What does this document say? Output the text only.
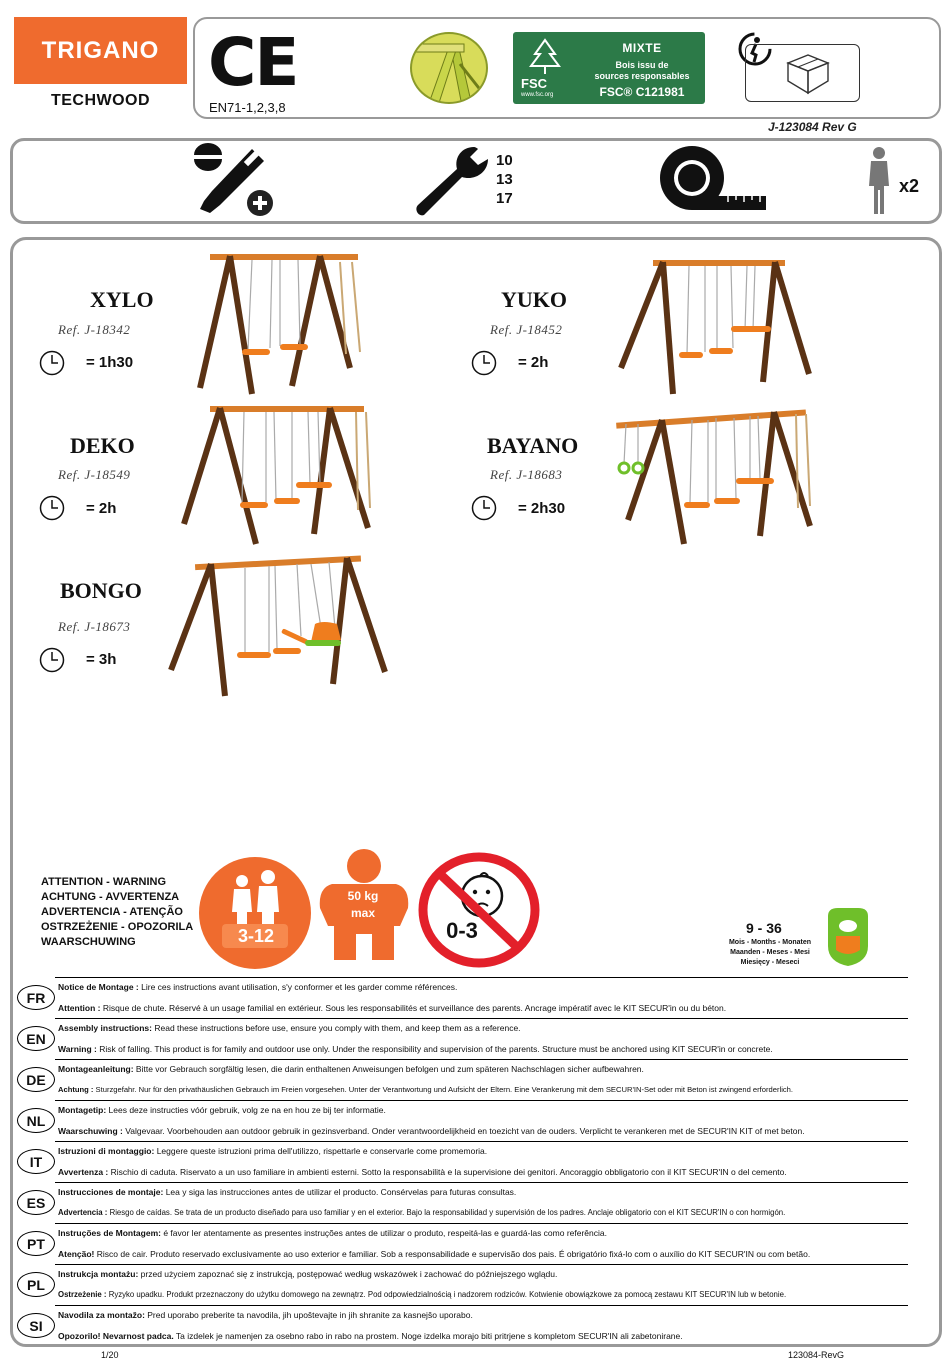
TRIGANO
TECHWOOD CE
EN71-1,2,3,8
FSC
www.fsc.org
MIXTE
Bois issu de
sources responsables
FSC® C121981
J-123084 Rev G
10
13
17
x2
XYLO
Ref. J-18342
= 1h30
YUKO
Ref. J-18452
= 2h
DEKO
Ref. J-18549
= 2h
BAYANO
Ref. J-18683
= 2h30
BONGO
Ref. J-18673
= 3h
ATTENTION - WARNING
ACHTUNG - AVVERTENZA
ADVERTENCIA - ATENÇÃO
OSTRZEŻENIE - OPOZORILA
WAARSCHUWING	3-12
50 kg
max
0-3	9 - 36
Mois - Months - Monaten
Maanden - Meses - Mesi
Miesięcy - Meseci
Notice de Montage : Lire ces instructions avant utilisation, s'y conformer et les garder comme références.
FR
Attention : Risque de chute. Réservé à un usage familial en extérieur. Sous les responsabilités et surveillance des parents. Ancrage impératif avec le KIT SECUR'in ou du béton.
Assembly instructions: Read these instructions before use, ensure you comply with them, and keep them as a reference.
EN
Warning : Risk of falling. This product is for family and outdoor use only. Under the responsibility and supervision of the parents. Structure must be anchored using KIT SECUR'in or concrete.
Montageanleitung: Bitte vor Gebrauch sorgfältig lesen, die darin enthaltenen Anweisungen befolgen und zum späteren Nachschlagen sicher aufbewahren.
DE
Achtung : Sturzgefahr. Nur für den privathäuslichen Gebrauch im Freien vorgesehen. Unter der Verantwortung und Aufsicht der Eltern. Eine Verankerung mit dem SECUR'IN-Set oder mit Beton ist zwingend erforderlich.
Montagetip: Lees deze instructies vóór gebruik, volg ze na en hou ze bij ter informatie.
NL
Waarschuwing : Valgevaar. Voorbehouden aan outdoor gebruik in gezinsverband. Onder verantwoordelijkheid en toezicht van de ouders. Verplicht te verankeren met de SECUR'IN KIT of met beton.
Istruzioni di montaggio: Leggere queste istruzioni prima dell'utilizzo, rispettarle e conservarle come promemoria.
IT
Avvertenza : Rischio di caduta. Riservato a un uso familiare in ambienti esterni. Sotto la responsabilità e la supervisione dei genitori. Ancoraggio obbligatorio con il KIT SECUR'IN o del cemento.
Instrucciones de montaje: Lea y siga las instrucciones antes de utilizar el producto. Consérvelas para futuras consultas.
ES
Advertencia : Riesgo de caídas. Se trata de un producto diseñado para uso familiar y en el exterior. Bajo la responsabilidad y supervisión de los padres. Anclaje obligatorio con el KIT SECUR'IN o con hormigón.
Instruções de Montagem: é favor ler atentamente as presentes instruções antes de utilizar o produto, respeitá-las e guardá-las como referência.
PT
Atenção! Risco de cair. Produto reservado exclusivamente ao uso exterior e familiar. Sob a responsabilidade e supervisão dos pais. É obrigatório fixá-lo com o auxílio do KIT SECUR'IN ou com betão.
Instrukcja montażu: przed użyciem zapoznać się z instrukcją, postępować według wskazówek i zachować do późniejszego wglądu.
PL
Ostrzeżenie : Ryzyko upadku. Produkt przeznaczony do użytku domowego na zewnątrz. Pod odpowiedzialnością i nadzorem rodziców. Kotwienie obowiązkowe za pomocą zestawu KIT SECUR'IN lub w betonie.
Navodila za montažo: Pred uporabo preberite ta navodila, jih upoštevajte in jih shranite za kasnejšo uporabo.
SI
Opozorilo! Nevarnost padca. Ta izdelek je namenjen za osebno rabo in rabo na prostem. Noge izdelka morajo biti pritrjene s kompletom SECUR'IN ali zabetonirane.
1/20	123084-RevG
